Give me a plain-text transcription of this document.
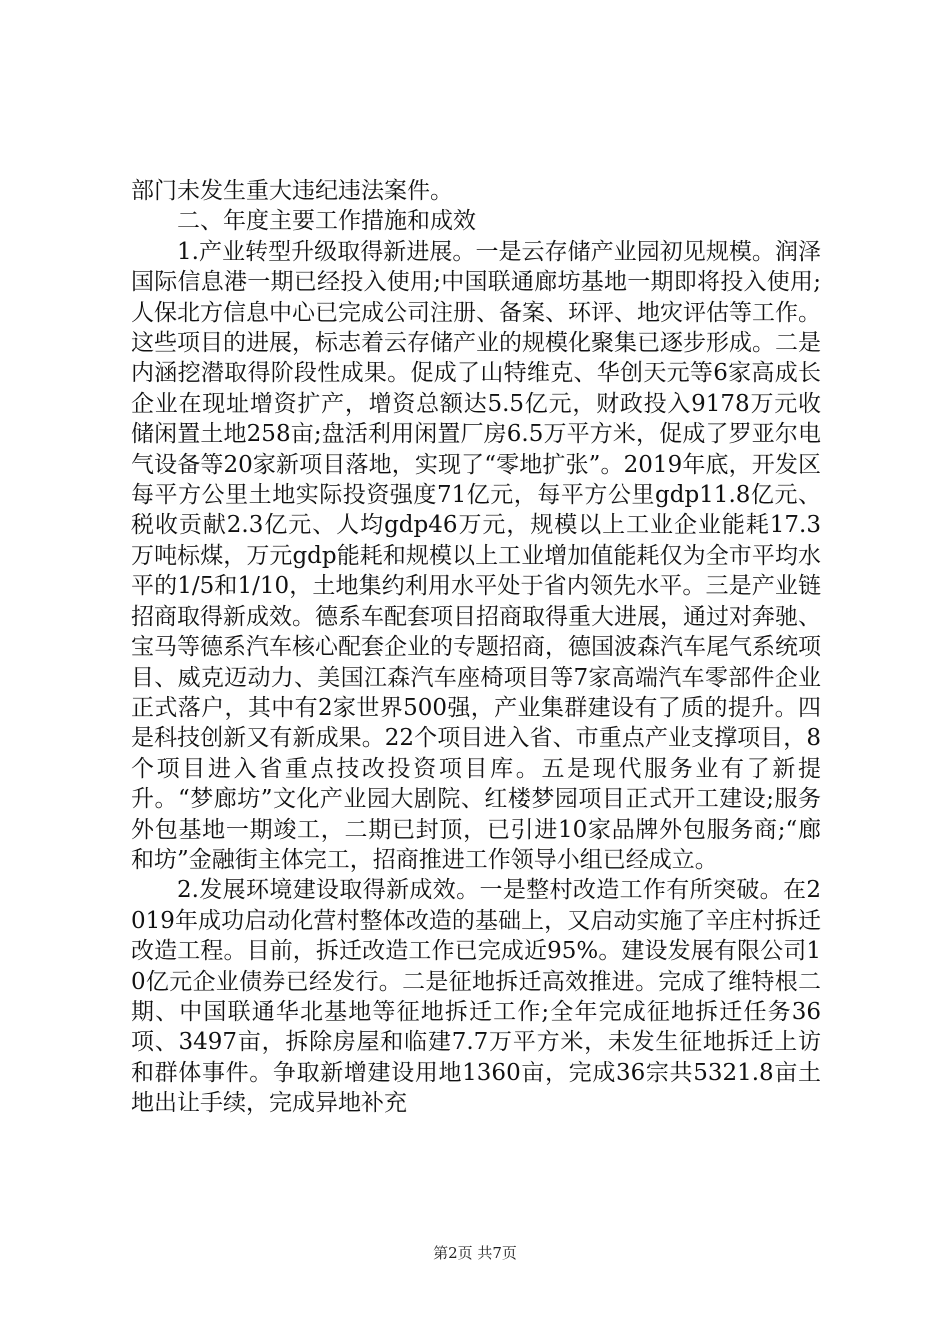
部门未发生重大违纪违法案件。

二、年度主要工作措施和成效

1.产业转型升级取得新进展。一是云存储产业园初见规模。润泽国际信息港一期已经投入使用;中国联通廊坊基地一期即将投入使用;人保北方信息中心已完成公司注册、备案、环评、地灾评估等工作。这些项目的进展，标志着云存储产业的规模化聚集已逐步形成。二是内涵挖潜取得阶段性成果。促成了山特维克、华创天元等6家高成长企业在现址增资扩产，增资总额达5.5亿元，财政投入9178万元收储闲置土地258亩;盘活利用闲置厂房6.5万平方米，促成了罗亚尔电气设备等20家新项目落地，实现了“零地扩张”。2019年底，开发区每平方公里土地实际投资强度71亿元，每平方公里gdp11.8亿元、税收贡献2.3亿元、人均gdp46万元，规模以上工业企业能耗17.3万吨标煤，万元gdp能耗和规模以上工业增加值能耗仅为全市平均水平的1/5和1/10，土地集约利用水平处于省内领先水平。三是产业链招商取得新成效。德系车配套项目招商取得重大进展，通过对奔驰、宝马等德系汽车核心配套企业的专题招商，德国波森汽车尾气系统项目、威克迈动力、美国江森汽车座椅项目等7家高端汽车零部件企业正式落户，其中有2家世界500强，产业集群建设有了质的提升。四是科技创新又有新成果。22个项目进入省、市重点产业支撑项目，8个项目进入省重点技改投资项目库。五是现代服务业有了新提升。“梦廊坊”文化产业园大剧院、红楼梦园项目正式开工建设;服务外包基地一期竣工，二期已封顶，已引进10家品牌外包服务商;“廊和坊”金融街主体完工，招商推进工作领导小组已经成立。

2.发展环境建设取得新成效。一是整村改造工作有所突破。在2019年成功启动化营村整体改造的基础上，又启动实施了辛庄村拆迁改造工程。目前，拆迁改造工作已完成近95%。建设发展有限公司10亿元企业债券已经发行。二是征地拆迁高效推进。完成了维特根二期、中国联通华北基地等征地拆迁工作;全年完成征地拆迁任务36项、3497亩，拆除房屋和临建7.7万平方米，未发生征地拆迁上访和群体事件。争取新增建设用地1360亩，完成36宗共5321.8亩土地出让手续，完成异地补充

第2页 共7页
